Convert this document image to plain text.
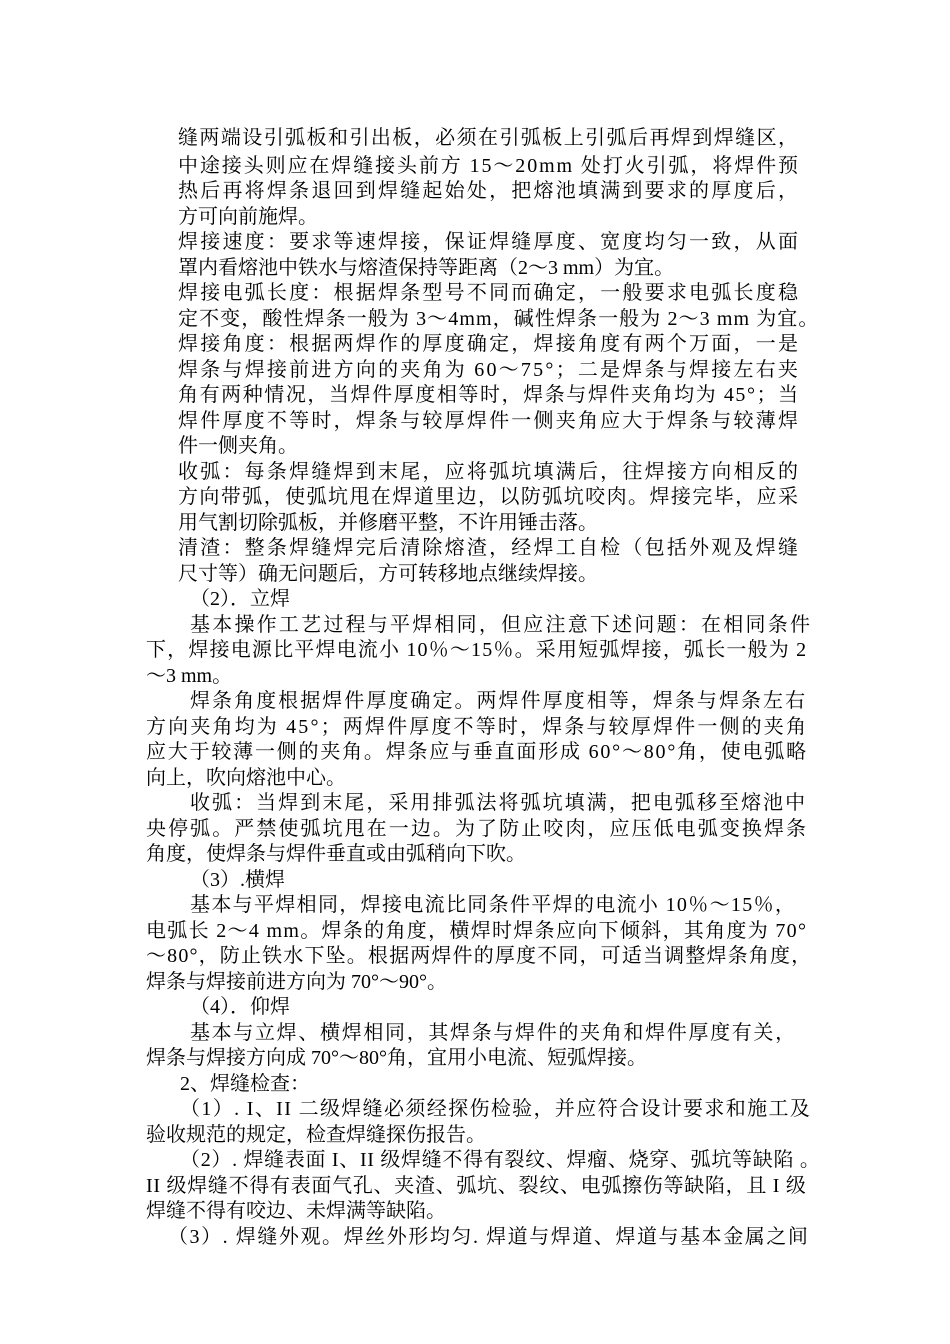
缝两端设引弧板和引出板，必须在引弧板上引弧后再焊到焊缝区，
中途接头则应在焊缝接头前方 15～20mm 处打火引弧，将焊件预
热后再将焊条退回到焊缝起始处，把熔池填满到要求的厚度后，
方可向前施焊。
焊接速度：要求等速焊接，保证焊缝厚度、宽度均匀一致，从面
罩内看熔池中铁水与熔渣保持等距离（2～3 mm）为宜。
焊接电弧长度：根据焊条型号不同而确定，一般要求电弧长度稳
定不变，酸性焊条一般为 3～4mm，碱性焊条一般为 2～3 mm 为宜。
焊接角度：根据两焊作的厚度确定，焊接角度有两个万面，一是
焊条与焊接前进方向的夹角为 60～75°；二是焊条与焊接左右夹
角有两种情况，当焊件厚度相等时，焊条与焊件夹角均为 45°；当
焊件厚度不等时，焊条与较厚焊件一侧夹角应大于焊条与较薄焊
件一侧夹角。
收弧：每条焊缝焊到末尾，应将弧坑填满后，往焊接方向相反的
方向带弧，使弧坑甩在焊道里边，以防弧坑咬肉。焊接完毕，应采
用气割切除弧板，并修磨平整，不许用锤击落。
清渣：整条焊缝焊完后清除熔渣，经焊工自检（包括外观及焊缝
尺寸等）确无问题后，方可转移地点继续焊接。
（2）．立焊
基本操作工艺过程与平焊相同，但应注意下述问题：在相同条件
下，焊接电源比平焊电流小 10％～15％。采用短弧焊接，弧长一般为 2
～3 mm。
焊条角度根据焊件厚度确定。两焊件厚度相等，焊条与焊条左右
方向夹角均为 45°；两焊件厚度不等时，焊条与较厚焊件一侧的夹角
应大于较薄一侧的夹角。焊条应与垂直面形成 60°～80°角，使电弧略
向上，吹向熔池中心。
收弧：当焊到末尾，采用排弧法将弧坑填满，把电弧移至熔池中
央停弧。严禁使弧坑甩在一边。为了防止咬肉，应压低电弧变换焊条
角度，使焊条与焊件垂直或由弧稍向下吹。
（3）.横焊
基本与平焊相同，焊接电流比同条件平焊的电流小 10％～15％，
电弧长 2～4 mm。焊条的角度，横焊时焊条应向下倾斜，其角度为 70°
～80°，防止铁水下坠。根据两焊件的厚度不同，可适当调整焊条角度，
焊条与焊接前进方向为 70°～90°。
（4）．仰焊
基本与立焊、横焊相同，其焊条与焊件的夹角和焊件厚度有关，
焊条与焊接方向成 70°～80°角，宜用小电流、短弧焊接。
2、焊缝检查：
（1）. I、II 二级焊缝必须经探伤检验，并应符合设计要求和施工及
验收规范的规定，检查焊缝探伤报告。
（2）. 焊缝表面 I、II 级焊缝不得有裂纹、焊瘤、烧穿、弧坑等缺陷 。
II 级焊缝不得有表面气孔、夹渣、弧坑、裂纹、电弧擦伤等缺陷，且 I 级
焊缝不得有咬边、未焊满等缺陷。
（3）. 焊缝外观。焊丝外形均匀. 焊道与焊道、焊道与基本金属之间
